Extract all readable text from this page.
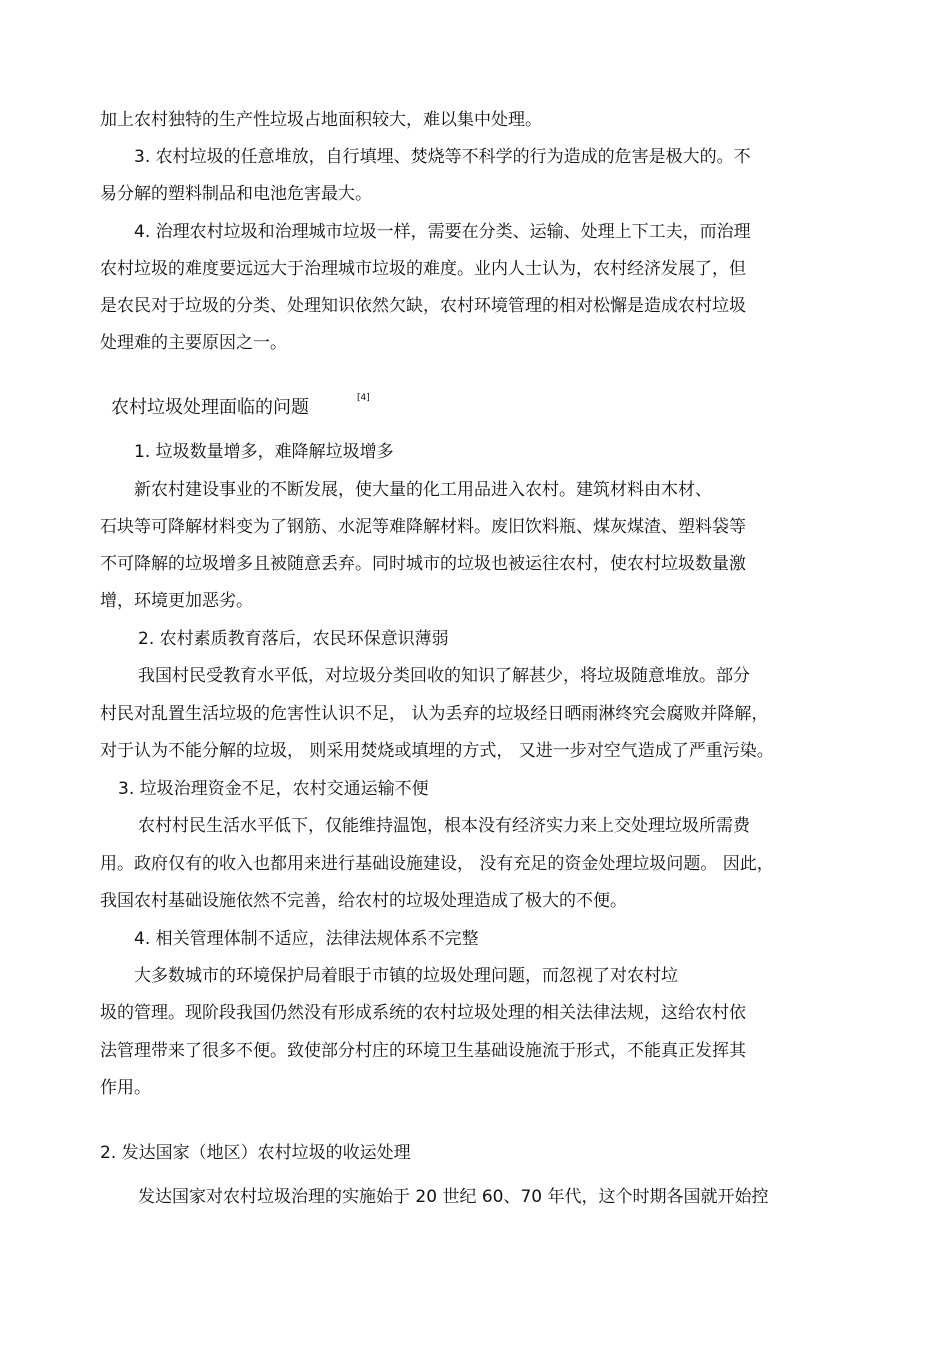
加上农村独特的生产性垃圾占地面积较大，难以集中处理。
3. 农村垃圾的任意堆放，自行填埋、焚烧等不科学的行为造成的危害是极大的。不
易分解的塑料制品和电池危害最大。
4. 治理农村垃圾和治理城市垃圾一样，需要在分类、运输、处理上下工夫，而治理
农村垃圾的难度要远远大于治理城市垃圾的难度。业内人士认为，农村经济发展了，但
是农民对于垃圾的分类、处理知识依然欠缺，农村环境管理的相对松懈是造成农村垃圾
处理难的主要原因之一。
农村垃圾处理面临的问题	[4]
1. 垃圾数量增多，难降解垃圾增多
新农村建设事业的不断发展，使大量的化工用品进入农村。建筑材料由木材、
石块等可降解材料变为了钢筋、水泥等难降解材料。废旧饮料瓶、煤灰煤渣、塑料袋等
不可降解的垃圾增多且被随意丢弃。同时城市的垃圾也被运往农村，使农村垃圾数量激
增，环境更加恶劣。
2. 农村素质教育落后，农民环保意识薄弱
我国村民受教育水平低，对垃圾分类回收的知识了解甚少，将垃圾随意堆放。部分
村民对乱置生活垃圾的危害性认识不足， 认为丢弃的垃圾经日晒雨淋终究会腐败并降解，
对于认为不能分解的垃圾， 则采用焚烧或填埋的方式， 又进一步对空气造成了严重污染。
3. 垃圾治理资金不足，农村交通运输不便
农村村民生活水平低下，仅能维持温饱，根本没有经济实力来上交处理垃圾所需费
用。政府仅有的收入也都用来进行基础设施建设， 没有充足的资金处理垃圾问题。 因此，
我国农村基础设施依然不完善，给农村的垃圾处理造成了极大的不便。
4. 相关管理体制不适应，法律法规体系不完整
大多数城市的环境保护局着眼于市镇的垃圾处理问题，而忽视了对农村垃
圾的管理。现阶段我国仍然没有形成系统的农村垃圾处理的相关法律法规，这给农村依
法管理带来了很多不便。致使部分村庄的环境卫生基础设施流于形式，不能真正发挥其
作用。
2. 发达国家（地区）农村垃圾的收运处理
发达国家对农村垃圾治理的实施始于 20 世纪 60、70 年代，这个时期各国就开始控
